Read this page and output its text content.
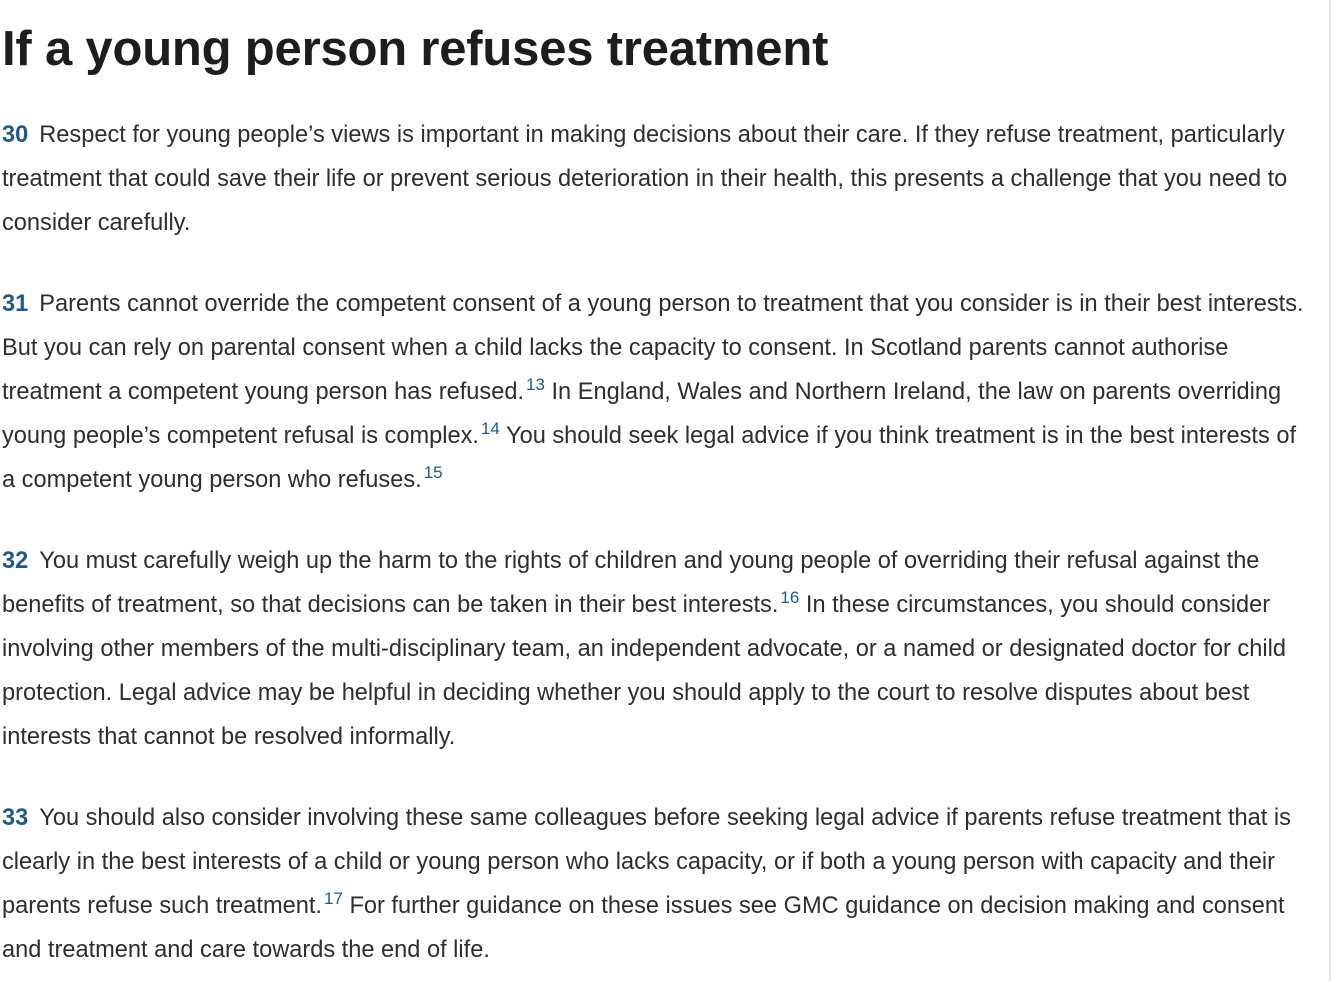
If a young person refuses treatment

30 Respect for young people’s views is important in making decisions about their care. If they refuse treatment, particularly treatment that could save their life or prevent serious deterioration in their health, this presents a challenge that you need to consider carefully.

31 Parents cannot override the competent consent of a young person to treatment that you consider is in their best interests. But you can rely on parental consent when a child lacks the capacity to consent. In Scotland parents cannot authorise treatment a competent young person has refused. $^{13}$ In England, Wales and Northern Ireland, the law on parents overriding young people’s competent refusal is complex. $^{14}$ You should seek legal advice if you think treatment is in the best interests of a competent young person who refuses. $^{15}$

32 You must carefully weigh up the harm to the rights of children and young people of overriding their refusal against the benefits of treatment, so that decisions can be taken in their best interests. $^{16}$ In these circumstances, you should consider involving other members of the multi-disciplinary team, an independent advocate, or a named or designated doctor for child protection. Legal advice may be helpful in deciding whether you should apply to the court to resolve disputes about best interests that cannot be resolved informally.

33 You should also consider involving these same colleagues before seeking legal advice if parents refuse treatment that is clearly in the best interests of a child or young person who lacks capacity, or if both a young person with capacity and their parents refuse such treatment. $^{17}$ For further guidance on these issues see GMC guidance on decision making and consent and treatment and care towards the end of life.
